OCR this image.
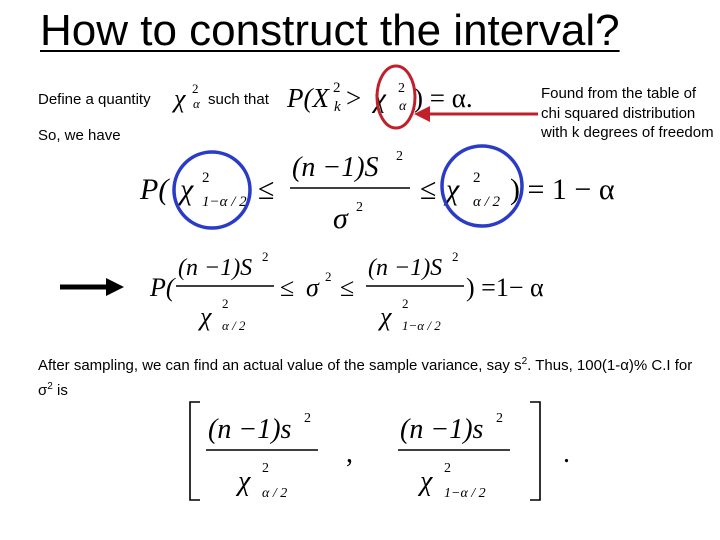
How to construct the interval?
Define a quantity	such that
So, we have
Found from the table of chi squared distribution with k degrees of freedom
After sampling, we can find an actual value of the sample variance, say $s^2$. Thus, 100(1-α)% C.I for $\sigma^2$ is
χ 2
α	P(X 2
k > χ 2
α ) = α.
P( χ 2
1−α / 2 ≤
(n −1)S 2
σ 2
≤ χ 2
α / 2 ) = 1 − α
P(
(n −1)S 2
χ 2
α / 2
≤ σ 2 ≤
(n −1)S 2
χ 2
1−α / 2
) =1− α
(n −1)s 2
χ 2
α / 2
,
(n −1)s 2
χ 2
1−α / 2
.
